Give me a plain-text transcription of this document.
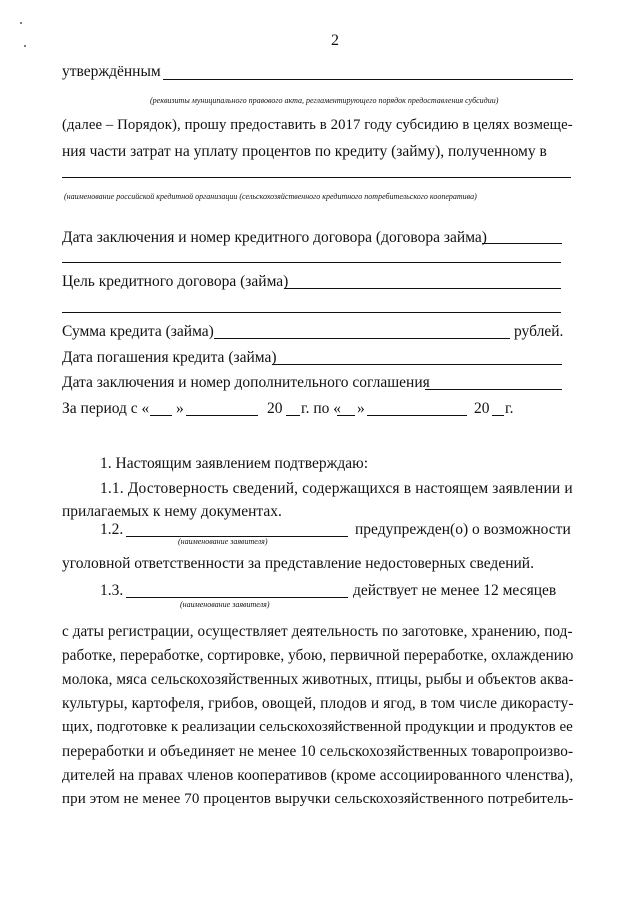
2
утверждённым
(реквизиты муниципального правового акта, регламентирующего порядок предоставления субсидии)
(далее – Порядок), прошу предоставить в 2017 году субсидию в целях возмеще-
ния части затрат на уплату процентов по кредиту (займу), полученному в
(наименование российской кредитной организации (сельскохозяйственного кредитного потребительского кооператива)
Дата заключения и номер кредитного договора (договора займа)
Цель кредитного договора (займа)
Сумма кредита (займа)	рублей.
Дата погашения кредита (займа)
Дата заключения и номер дополнительного соглашения
За период с « »	20 г. по « »	20 г.
1. Настоящим заявлением подтверждаю:
1.1. Достоверность сведений, содержащихся в настоящем заявлении и
прилагаемых к нему документах.
1.2.
(наименование заявителя)
предупрежден(о) о возможности
уголовной ответственности за представление недостоверных сведений.
1.3.
(наименование заявителя)
действует не менее 12 месяцев
с даты регистрации, осуществляет деятельность по заготовке, хранению, под-
работке, переработке, сортировке, убою, первичной переработке, охлаждению
молока, мяса сельскохозяйственных животных, птицы, рыбы и объектов аква-
культуры, картофеля, грибов, овощей, плодов и ягод, в том числе дикорасту-
щих, подготовке к реализации сельскохозяйственной продукции и продуктов ее
переработки и объединяет не менее 10 сельскохозяйственных товаропроизво-
дителей на правах членов кооперативов (кроме ассоциированного членства),
при этом не менее 70 процентов выручки сельскохозяйственного потребитель-
